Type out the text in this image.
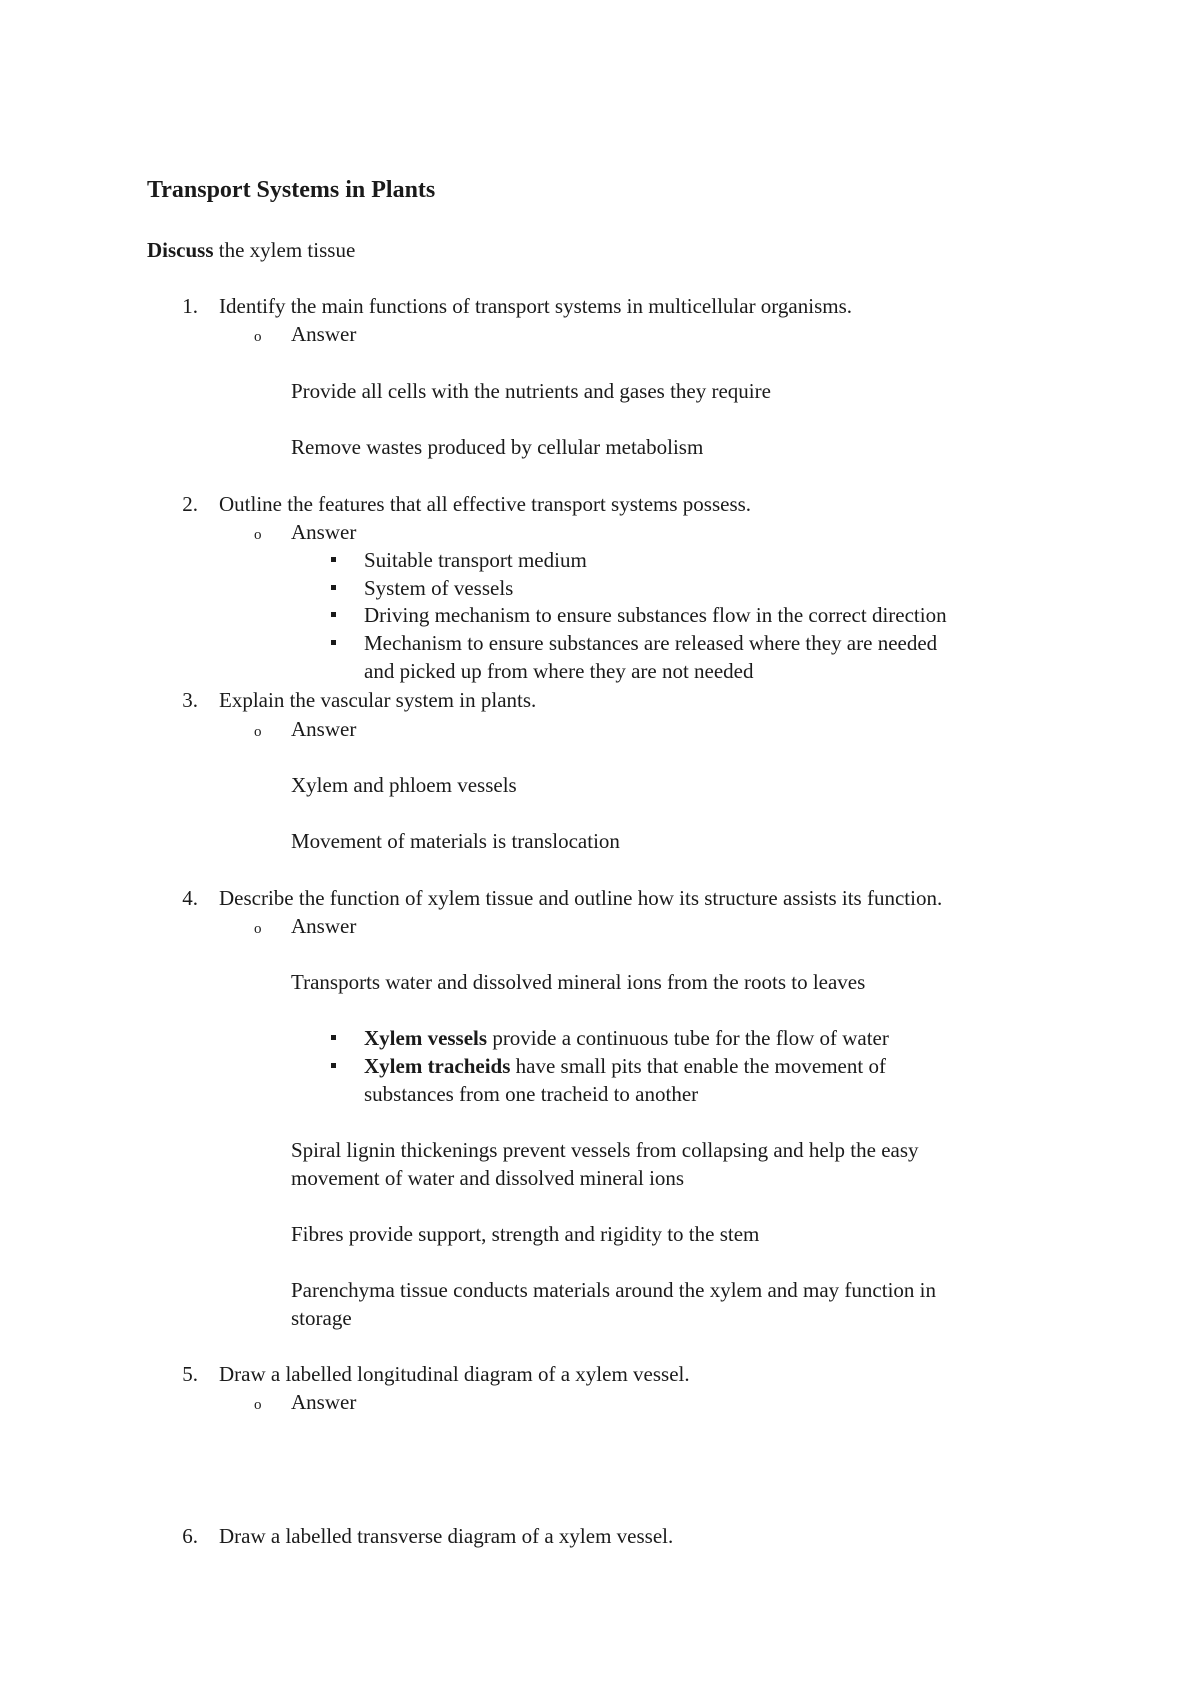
Transport Systems in Plants
Discuss the xylem tissue
1. Identify the main functions of transport systems in multicellular organisms.
o Answer
Provide all cells with the nutrients and gases they require
Remove wastes produced by cellular metabolism
2. Outline the features that all effective transport systems possess.
o Answer
Suitable transport medium
System of vessels
Driving mechanism to ensure substances flow in the correct direction
Mechanism to ensure substances are released where they are needed
and picked up from where they are not needed
3. Explain the vascular system in plants.
o Answer
Xylem and phloem vessels
Movement of materials is translocation
4. Describe the function of xylem tissue and outline how its structure assists its function.
o Answer
Transports water and dissolved mineral ions from the roots to leaves
Xylem vessels provide a continuous tube for the flow of water
Xylem tracheids have small pits that enable the movement of
substances from one tracheid to another
Spiral lignin thickenings prevent vessels from collapsing and help the easy
movement of water and dissolved mineral ions
Fibres provide support, strength and rigidity to the stem
Parenchyma tissue conducts materials around the xylem and may function in
storage
5. Draw a labelled longitudinal diagram of a xylem vessel.
o Answer
6. Draw a labelled transverse diagram of a xylem vessel.
